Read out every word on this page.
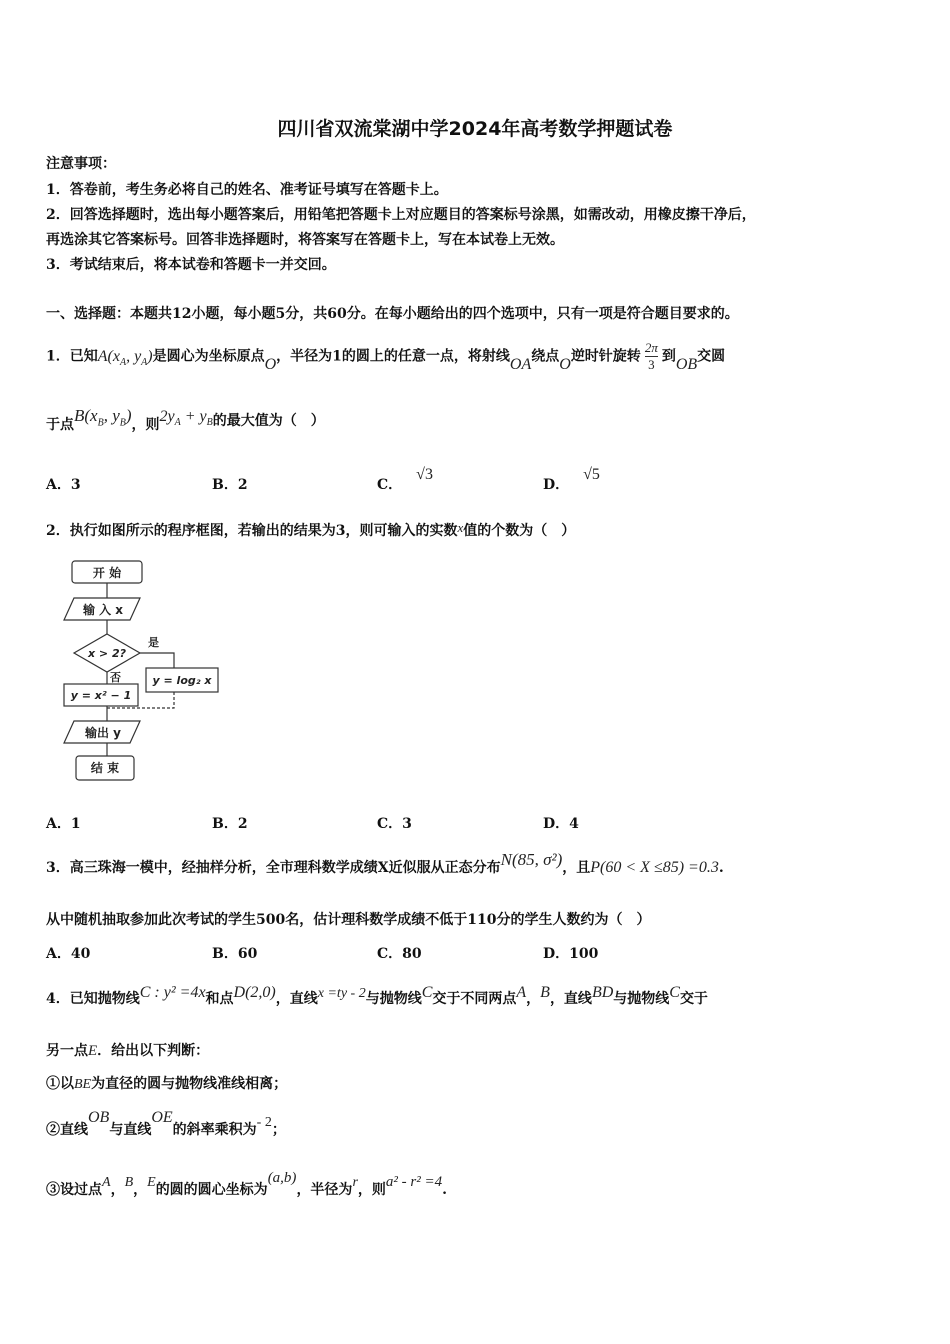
四川省双流棠湖中学2024年高考数学押题试卷
注意事项：
1．答卷前，考生务必将自己的姓名、准考证号填写在答题卡上。
2．回答选择题时，选出每小题答案后，用铅笔把答题卡上对应题目的答案标号涂黑，如需改动，用橡皮擦干净后，
再选涂其它答案标号。回答非选择题时，将答案写在答题卡上，写在本试卷上无效。
3．考试结束后，将本试卷和答题卡一并交回。
一、选择题：本题共12小题，每小题5分，共60分。在每小题给出的四个选项中，只有一项是符合题目要求的。
1．已知$A(x_A$, $y_A$)是圆心为坐标原点O，半径为1的圆上的任意一点，将射线OA绕点O逆时针旋转 $\frac{2\pi}{3}$ 到OB交圆
于点$B(x_B$, $y_B$)，则$2y_A + y_B$的最大值为（　）
A．3	B．2	C．√3
D．√5
2．执行如图所示的程序框图，若输出的结果为3，则可输入的实数x值的个数为（　）
开 始
输 入 x
x > 2?
是
否
y = x² − 1
y = log₂ x
输出 y
结 束
A．1	B．2	C．3	D．4
3．高三珠海一模中，经抽样分析，全市理科数学成绩X近似服从正态分布N(85, σ²)，且P(60 < X ≤85) =0.3.
从中随机抽取参加此次考试的学生500名，估计理科数学成绩不低于110分的学生人数约为（　）
A．40	B．60	C．80	D．100
4．已知抛物线C : y² =4x和点D(2,0)，直线x =ty - 2与抛物线C交于不同两点A，B，直线BD与抛物线C交于
另一点E．给出以下判断：
①以BE为直径的圆与抛物线准线相离；
②直线OB与直线OE的斜率乘积为- 2；
③设过点A，B，E的圆的圆心坐标为(a,b)，半径为r，则a² - r² =4.
